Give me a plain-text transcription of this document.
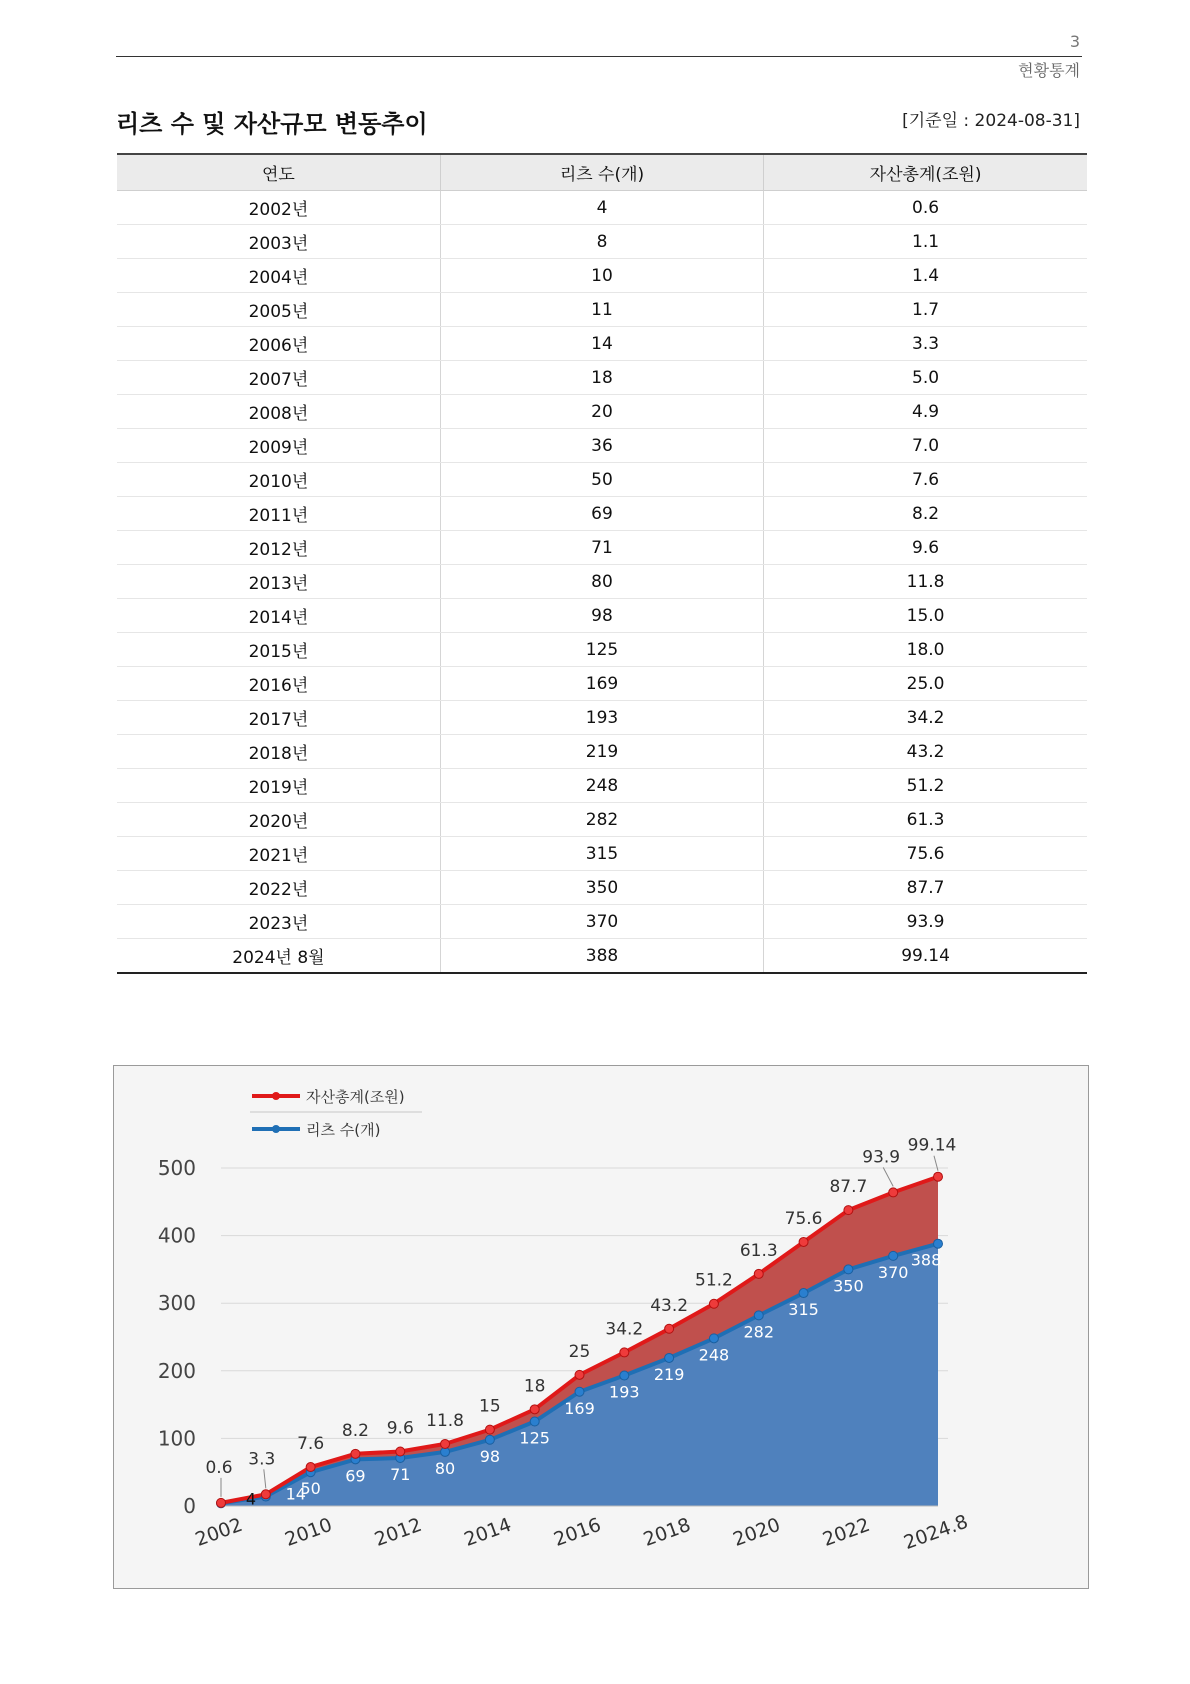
3
현황통계
리츠 수 및 자산규모 변동추이	[기준일 : 2024-08-31]
연도	리츠 수(개)	자산총계(조원)
2002년	4	0.6
2003년	8	1.1
2004년	10	1.4
2005년	11	1.7
2006년	14	3.3
2007년	18	5.0
2008년	20	4.9
2009년	36	7.0
2010년	50	7.6
2011년	69	8.2
2012년	71	9.6
2013년	80	11.8
2014년	98	15.0
2015년	125	18.0
2016년	169	25.0
2017년	193	34.2
2018년	219	43.2
2019년	248	51.2
2020년	282	61.3
2021년	315	75.6
2022년	350	87.7
2023년	370	93.9
2024년 8월	388	99.14
0
100
200
300
400
500
4 14
50
69 71 80
98
125
169
193
219
248
282
315
350
370
388
0.6 3.3
7.6
8.2 9.6 11.8
15
18
25
34.2
43.2
51.2
61.3
75.6
87.7
93.9
99.14
2002 2010 2012 2014 2016 2018 2020 2022 2024.8
자산총계(조원)
리츠 수(개)
